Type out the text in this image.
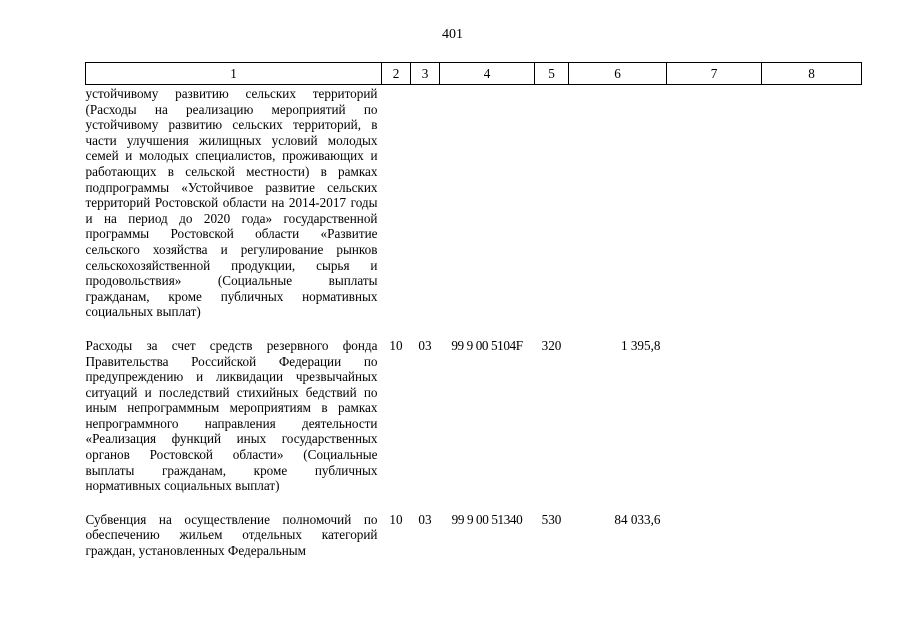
401
1	2	3	4	5	6	7	8
устойчивому развитию сельских территорий (Расходы на реализацию мероприятий по устойчивому развитию сельских территорий, в части улучшения жилищных условий молодых семей и молодых специалистов, проживающих и работающих в сельской местности) в рамках подпрограммы «Устойчивое развитие сельских территорий Ростовской области на 2014-2017 годы и на период до 2020 года» государственной программы Ростовской области «Развитие сельского хозяйства и регулирование рынков сельскохозяйственной продукции, сырья и продовольствия» (Социальные выплаты гражданам, кроме публичных нормативных социальных выплат)							

Расходы за счет средств резервного фонда Правительства Российской Федерации по предупреждению и ликвидации чрезвычайных ситуаций и последствий стихийных бедствий по иным непрограммным мероприятиям в рамках непрограммного направления деятельности «Реализация функций иных государственных органов Ростовской области» (Социальные выплаты гражданам, кроме публичных нормативных социальных выплат)	10	03	99 9 00 5104F	320	1 395,8		

Субвенция на осуществление полномочий по обеспечению жильем отдельных категорий граждан, установленных Федеральным	10	03	99 9 00 51340	530	84 033,6		
